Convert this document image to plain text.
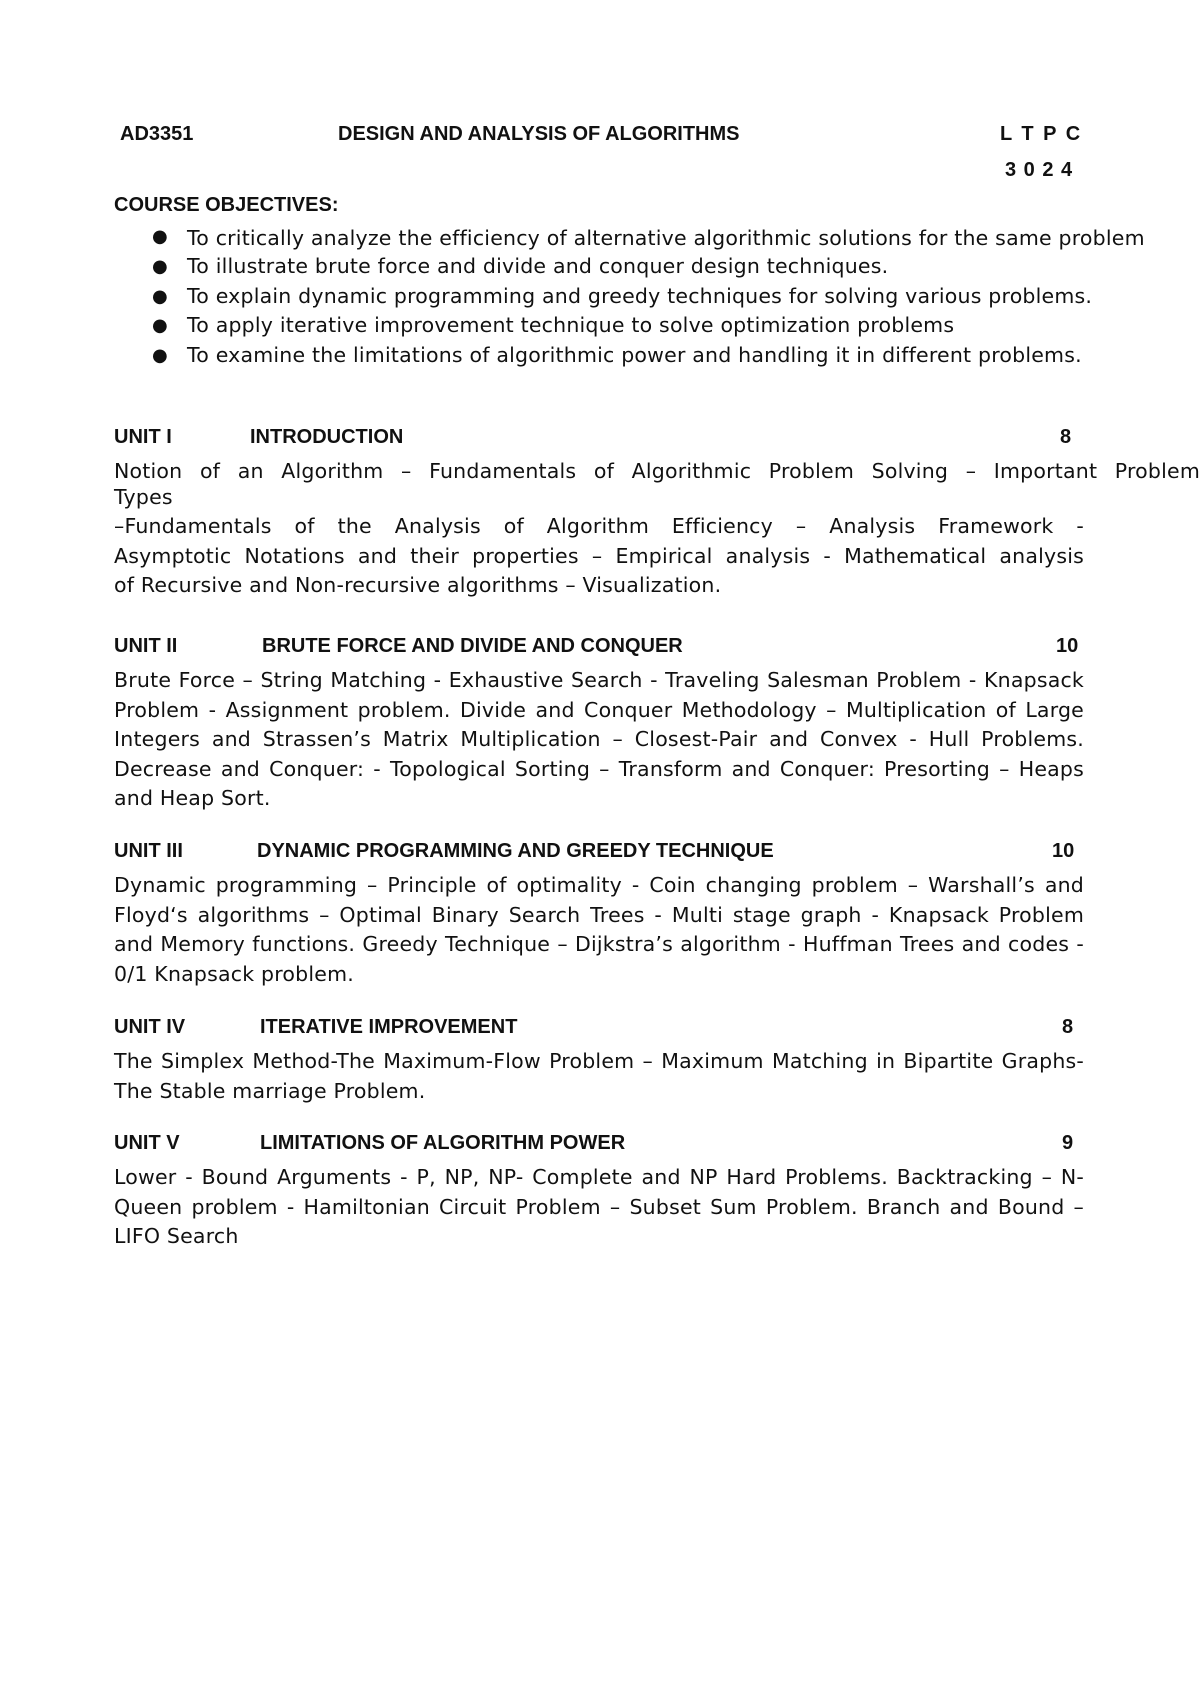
AD3351	DESIGN AND ANALYSIS OF ALGORITHMS	L T P C
3 0 2 4
COURSE OBJECTIVES:
● To critically analyze the efficiency of alternative algorithmic solutions for the same problem
● To illustrate brute force and divide and conquer design techniques.
● To explain dynamic programming and greedy techniques for solving various problems.
● To apply iterative improvement technique to solve optimization problems
● To examine the limitations of algorithmic power and handling it in different problems.
UNIT I	INTRODUCTION	8
Notion of an Algorithm – Fundamentals of Algorithmic Problem Solving – Important Problem
Types
–Fundamentals of the Analysis of Algorithm Efficiency – Analysis Framework -
Asymptotic Notations and their properties – Empirical analysis - Mathematical analysis
of Recursive and Non-recursive algorithms – Visualization.
UNIT II	BRUTE FORCE AND DIVIDE AND CONQUER	10
Brute Force – String Matching - Exhaustive Search - Traveling Salesman Problem - Knapsack Problem - Assignment problem. Divide and Conquer Methodology – Multiplication of Large Integers and Strassen’s Matrix Multiplication – Closest-Pair and Convex - Hull Problems. Decrease and Conquer: - Topological Sorting – Transform and Conquer: Presorting – Heaps and Heap Sort.
UNIT III	DYNAMIC PROGRAMMING AND GREEDY TECHNIQUE	10
Dynamic programming – Principle of optimality - Coin changing problem – Warshall’s and Floyd‘s algorithms – Optimal Binary Search Trees - Multi stage graph - Knapsack Problem and Memory functions. Greedy Technique – Dijkstra’s algorithm - Huffman Trees and codes - 0/1 Knapsack problem.
UNIT IV	ITERATIVE IMPROVEMENT	8
The Simplex Method-The Maximum-Flow Problem – Maximum Matching in Bipartite Graphs- The Stable marriage Problem.
UNIT V	LIMITATIONS OF ALGORITHM POWER	9
Lower - Bound Arguments - P, NP, NP- Complete and NP Hard Problems. Backtracking – N-Queen problem - Hamiltonian Circuit Problem – Subset Sum Problem. Branch and Bound – LIFO Search
